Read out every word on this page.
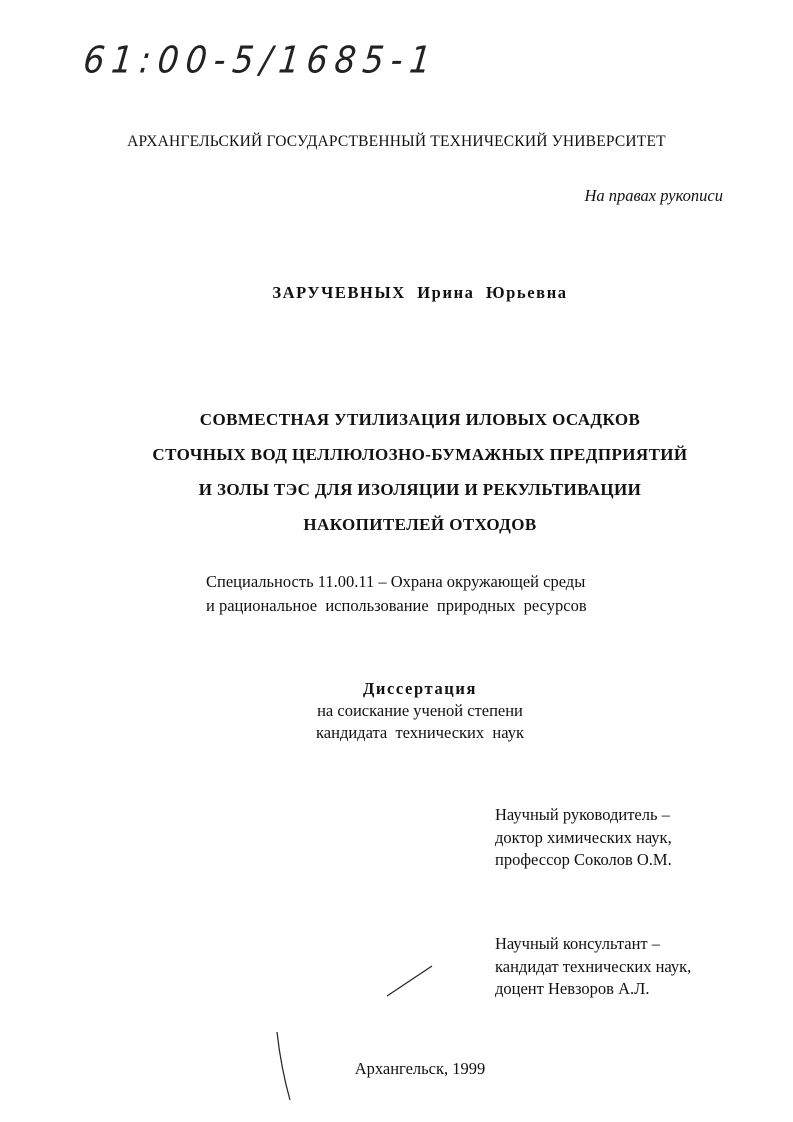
61:00-5/1685-1
АРХАНГЕЛЬСКИЙ ГОСУДАРСТВЕННЫЙ ТЕХНИЧЕСКИЙ УНИВЕРСИТЕТ
На правах рукописи
ЗАРУЧЕВНЫХ  Ирина  Юрьевна
СОВМЕСТНАЯ УТИЛИЗАЦИЯ ИЛОВЫХ ОСАДКОВ
СТОЧНЫХ ВОД ЦЕЛЛЮЛОЗНО-БУМАЖНЫХ ПРЕДПРИЯТИЙ
И ЗОЛЫ ТЭС ДЛЯ ИЗОЛЯЦИИ И РЕКУЛЬТИВАЦИИ
НАКОПИТЕЛЕЙ ОТХОДОВ
Специальность 11.00.11 – Охрана окружающей среды
и рациональное  использование  природных  ресурсов
Диссертация
на соискание ученой степени
кандидата  технических  наук
Научный руководитель –
доктор химических наук,
профессор Соколов О.М.
Научный консультант –
кандидат технических наук,
доцент Невзоров А.Л.
Архангельск, 1999
